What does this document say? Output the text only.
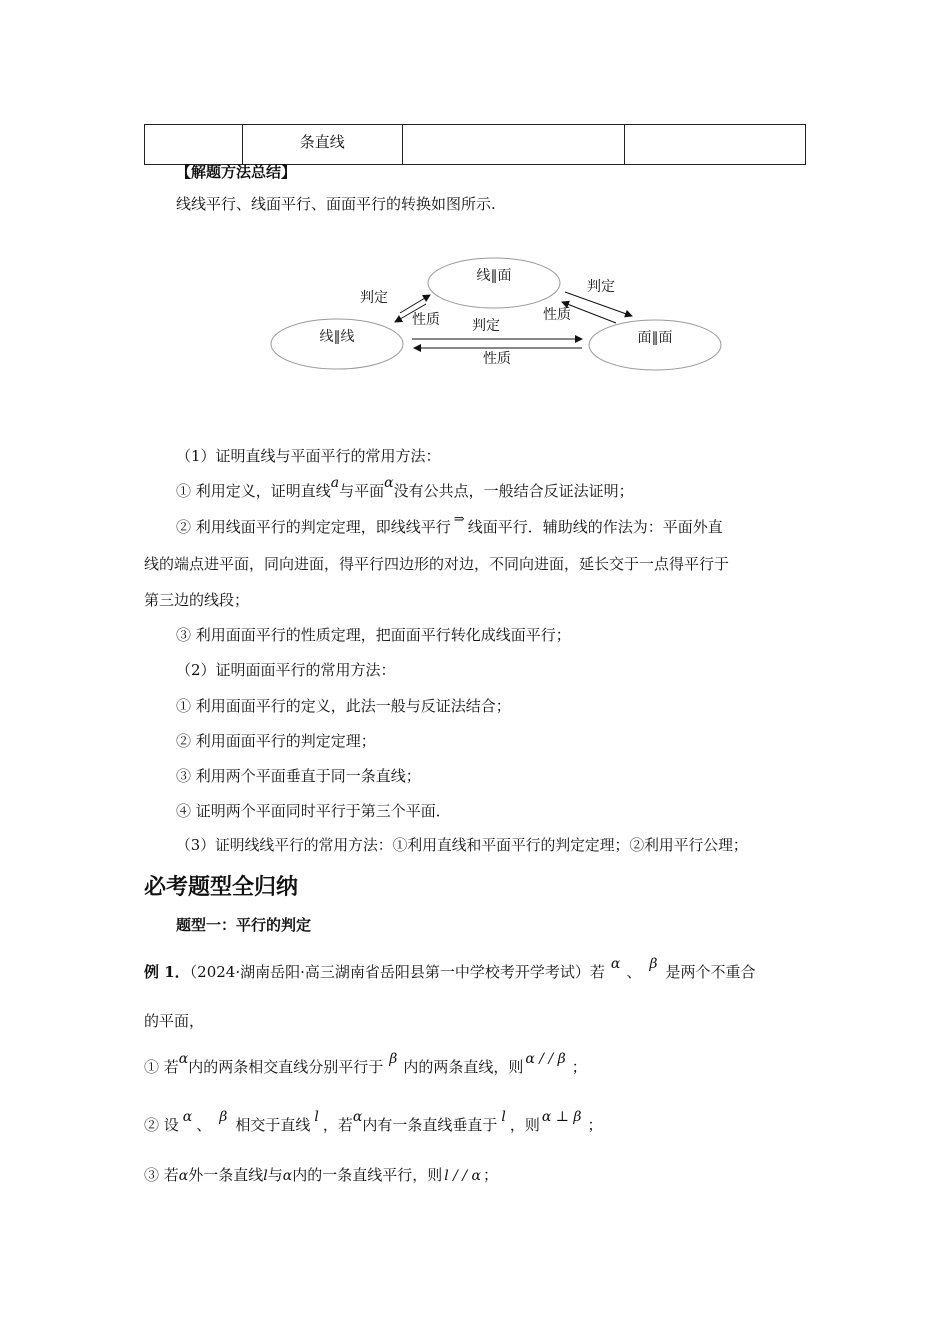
	条直线		
【解题方法总结】
线线平行、线面平行、面面平行的转换如图所示.
线∥面
线∥线	面∥面
判定
性质
判定
性质
判定
性质
（1）证明直线与平面平行的常用方法：
① 利用定义，证明直线a与平面α没有公共点，一般结合反证法证明；
② 利用线面平行的判定定理，即线线平行 ⇒ 线面平行．辅助线的作法为：平面外直
线的端点进平面，同向进面，得平行四边形的对边，不同向进面，延长交于一点得平行于
第三边的线段；
③ 利用面面平行的性质定理，把面面平行转化成线面平行；
（2）证明面面平行的常用方法：
① 利用面面平行的定义，此法一般与反证法结合；
② 利用面面平行的判定定理；
③ 利用两个平面垂直于同一条直线；
④ 证明两个平面同时平行于第三个平面．
（3）证明线线平行的常用方法：①利用直线和平面平行的判定定理；②利用平行公理；
必考题型全归纳
题型一：平行的判定
例 1．（2024·湖南岳阳·高三湖南省岳阳县第一中学校考开学考试）若 α 、 β 是两个不重合
的平面，
① 若α内的两条相交直线分别平行于 β 内的两条直线，则 α / / β ；
② 设 α 、 β 相交于直线 l ，若α内有一条直线垂直于 l ，则 α ⊥ β ；
③ 若α外一条直线l与α内的一条直线平行，则 l / / α ；
